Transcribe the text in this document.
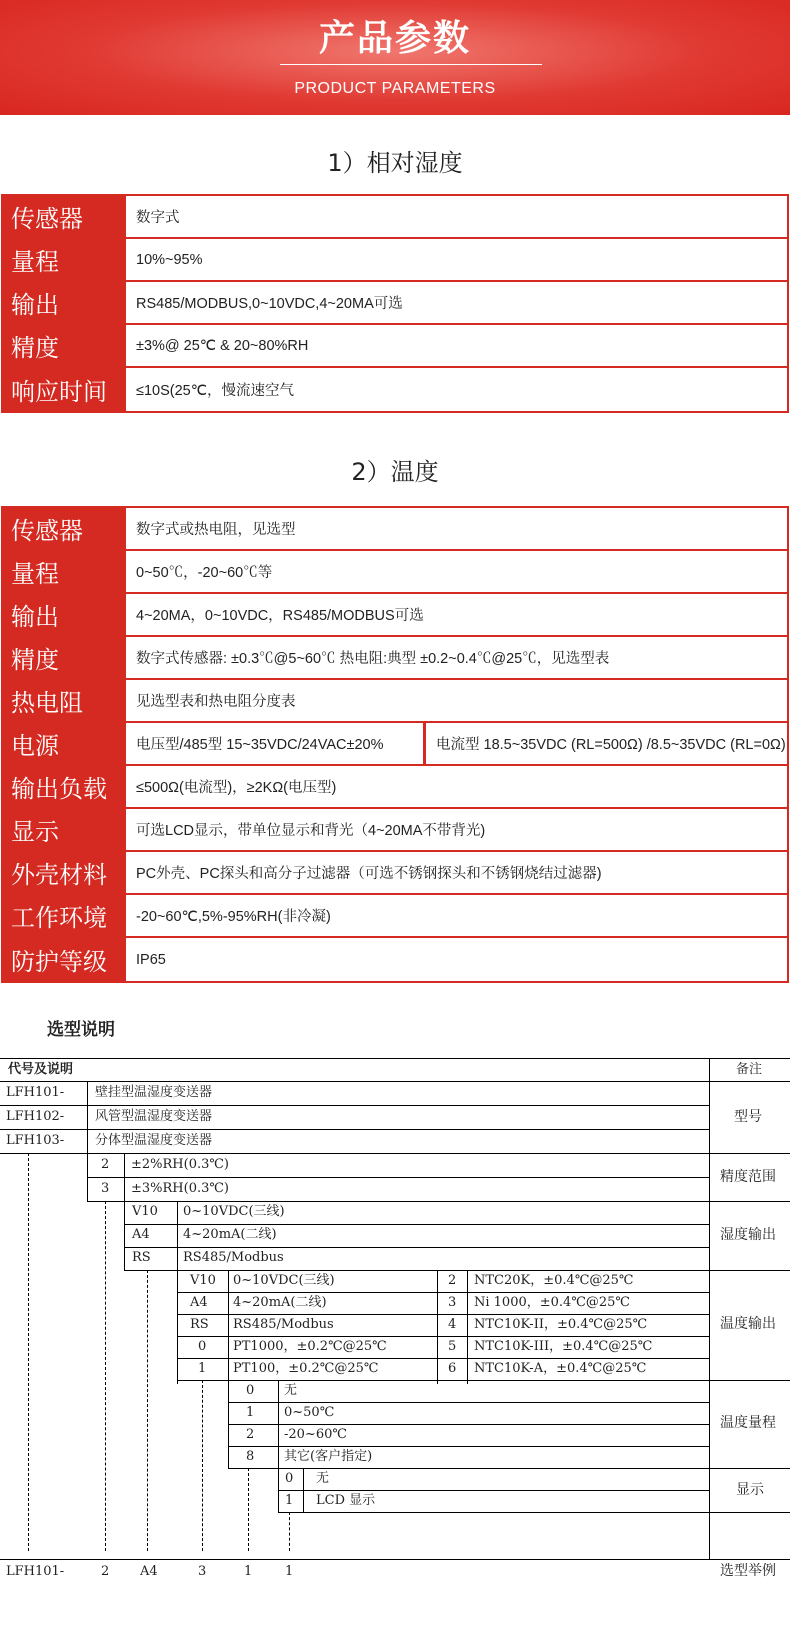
产品参数
PRODUCT PARAMETERS
1）相对湿度
传感器	数字式
量程	10%~95%
输出	RS485/MODBUS,0~10VDC,4~20MA可选
精度	±3%@ 25℃ & 20~80%RH
响应时间	≤10S(25℃，慢流速空气
2）温度
传感器	数字式或热电阻，见选型
量程	0~50℃，-20~60℃等
输出	4~20MA，0~10VDC，RS485/MODBUS可选
精度	数字式传感器: ±0.3℃@5~60℃ 热电阻:典型 ±0.2~0.4℃@25℃，见选型表
热电阻	见选型表和热电阻分度表
电源	电压型/485型 15~35VDC/24VAC±20%	电流型 18.5~35VDC (RL=500Ω) /8.5~35VDC (RL=0Ω)
输出负载	≤500Ω(电流型)，≥2KΩ(电压型)
显示	可选LCD显示，带单位显示和背光（4~20MA不带背光)
外壳材料	PC外壳、PC探头和高分子过滤器（可选不锈钢探头和不锈钢烧结过滤器)
工作环境	-20~60℃,5%-95%RH(非冷凝)
防护等级	IP65
选型说明
代号及说明	备注
LFH101- 壁挂型温湿度变送器
LFH102- 风管型温湿度变送器
LFH103- 分体型温湿度变送器
型号
2 ±2%RH(0.3℃)
3 ±3%RH(0.3℃)
精度范围
V10 0~10VDC(三线)
A4	4~20mA(二线)
RS RS485/Modbus
湿度输出
V10 0~10VDC(三线)	2 NTC20K，±0.4℃@25℃
A4 4~20mA(二线)	3 Ni 1000，±0.4℃@25℃
RS RS485/Modbus	4 NTC10K-II，±0.4℃@25℃
0 PT1000，±0.2℃@25℃	5 NTC10K-III，±0.4℃@25℃
1 PT100，±0.2℃@25℃	6 NTC10K-A，±0.4℃@25℃
温度输出
0 无
1 0~50℃
2 -20~60℃
8 其它(客户指定)
温度量程
0 无
1 LCD 显示
显示
LFH101-	2 A4	3	1	1	选型举例
